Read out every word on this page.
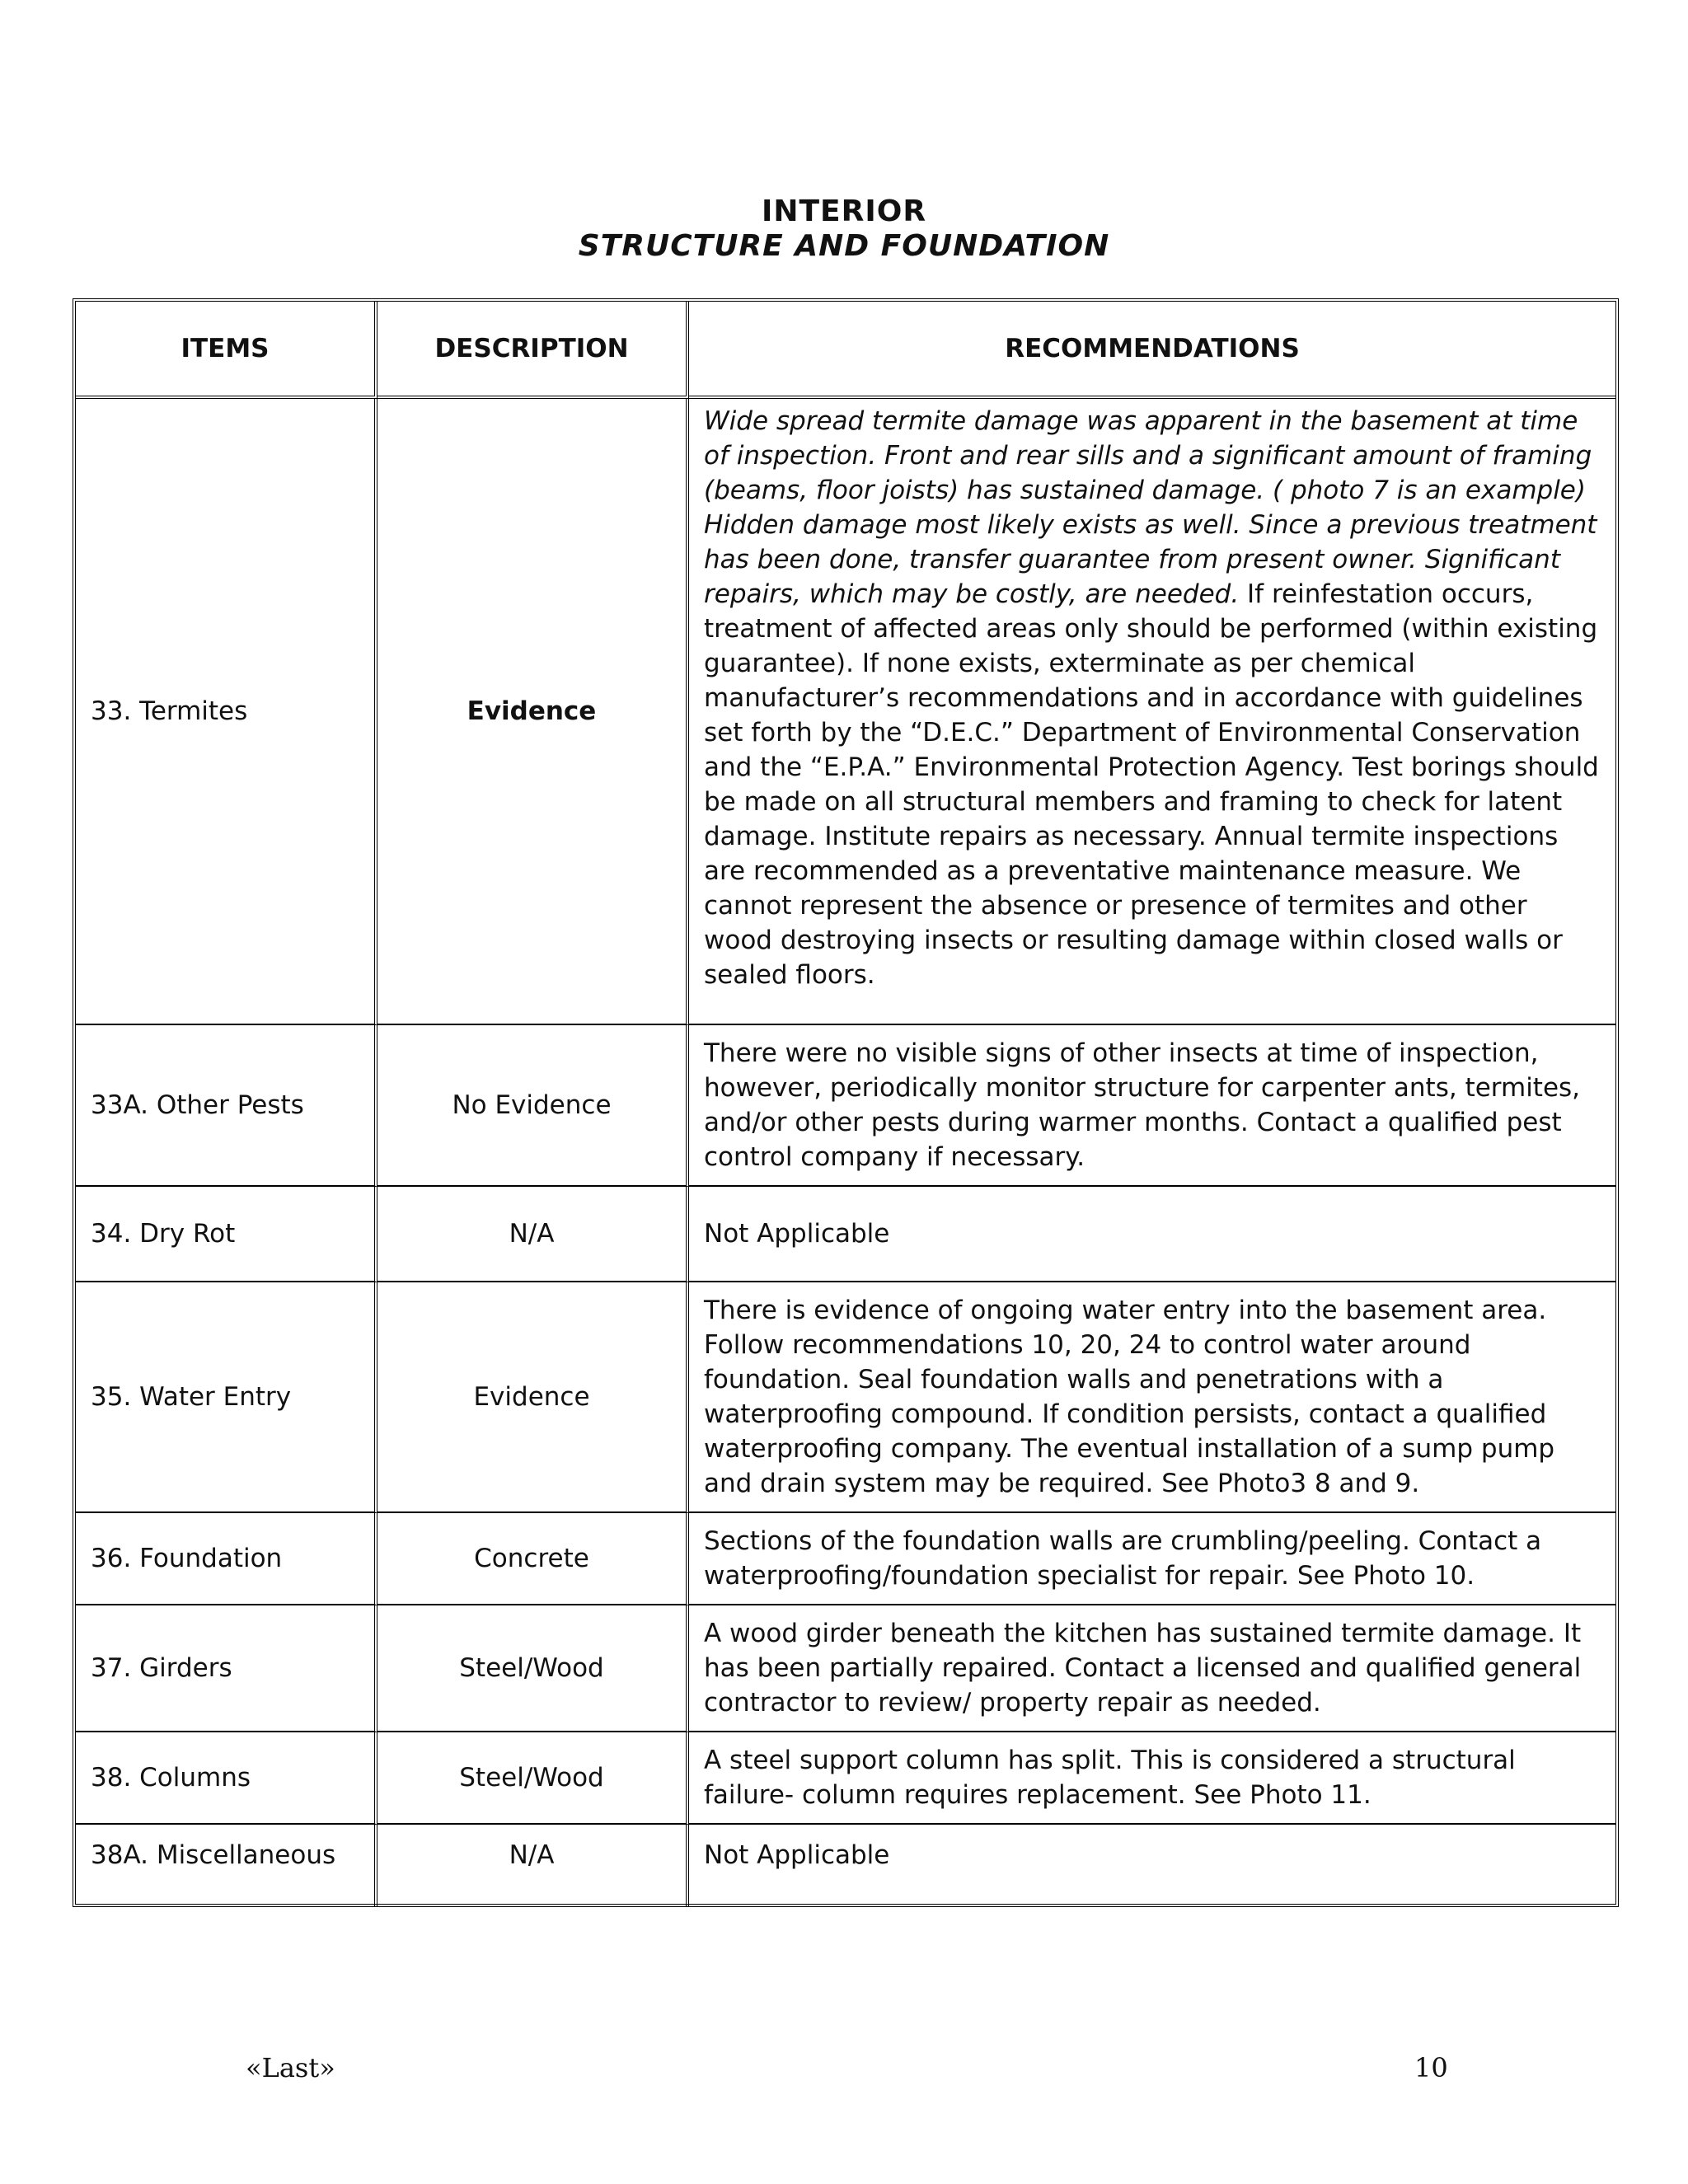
INTERIOR
STRUCTURE AND FOUNDATION
ITEMS	DESCRIPTION	RECOMMENDATIONS
33. Termites	Evidence	Wide spread termite damage was apparent in the basement at time of inspection. Front and rear sills and a significant amount of framing (beams, floor joists) has sustained damage. ( photo 7 is an example) Hidden damage most likely exists as well. Since a previous treatment has been done, transfer guarantee from present owner. Significant repairs, which may be costly, are needed. If reinfestation occurs, treatment of affected areas only should be performed (within existing guarantee). If none exists, exterminate as per chemical manufacturer’s recommendations and in accordance with guidelines set forth by the “D.E.C.” Department of Environmental Conservation and the “E.P.A.” Environmental Protection Agency. Test borings should be made on all structural members and framing to check for latent damage. Institute repairs as necessary. Annual termite inspections are recommended as a preventative maintenance measure. We cannot represent the absence or presence of termites and other wood destroying insects or resulting damage within closed walls or sealed floors.
33A. Other Pests	No Evidence	There were no visible signs of other insects at time of inspection, however, periodically monitor structure for carpenter ants, termites, and/or other pests during warmer months. Contact a qualified pest control company if necessary.
34. Dry Rot	N/A	Not Applicable
35. Water Entry	Evidence	There is evidence of ongoing water entry into the basement area. Follow recommendations 10, 20, 24 to control water around foundation. Seal foundation walls and penetrations with a waterproofing compound. If condition persists, contact a qualified waterproofing company. The eventual installation of a sump pump and drain system may be required. See Photo3 8 and 9.
36. Foundation	Concrete	Sections of the foundation walls are crumbling/peeling. Contact a waterproofing/foundation specialist for repair. See Photo 10.
37. Girders	Steel/Wood	A wood girder beneath the kitchen has sustained termite damage. It has been partially repaired. Contact a licensed and qualified general contractor to review/ property repair as needed.
38. Columns	Steel/Wood	A steel support column has split. This is considered a structural failure- column requires replacement. See Photo 11.
38A. Miscellaneous	N/A	Not Applicable
«Last»	10
